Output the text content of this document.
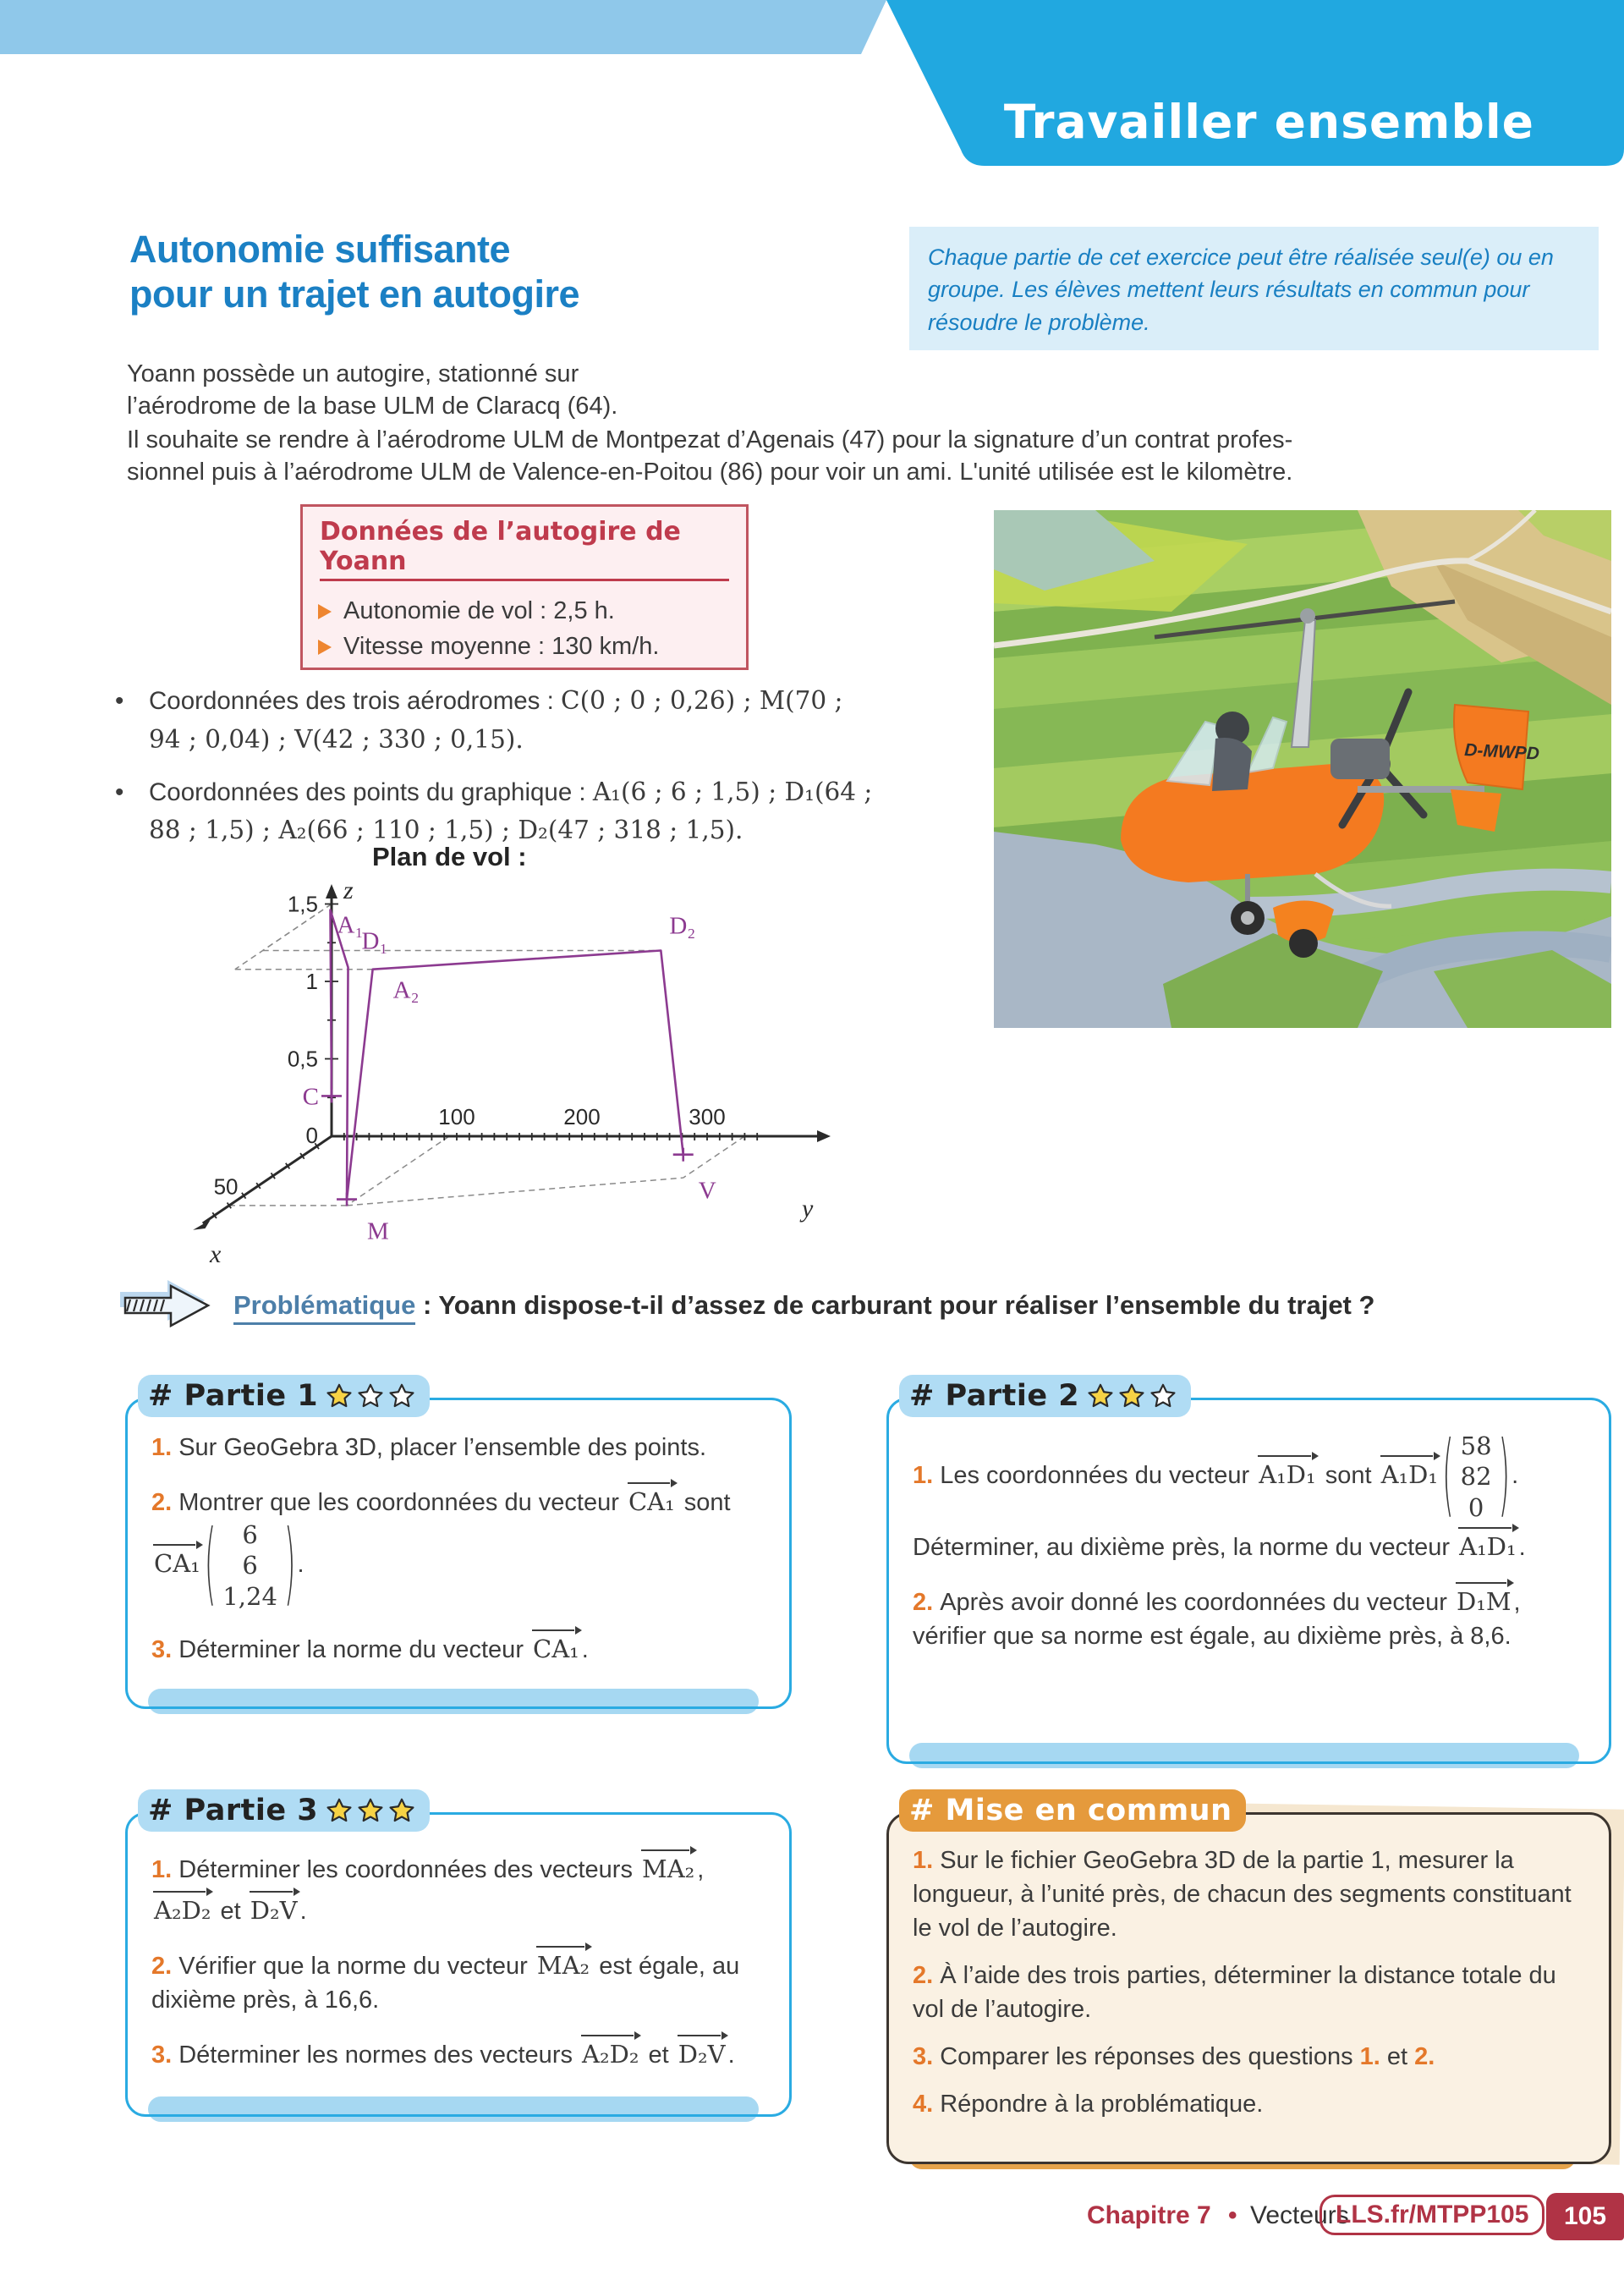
Travailler ensemble
Autonomie suffisante
pour un trajet en autogire

Chaque partie de cet exercice peut être réalisée seul(e) ou en groupe. Les élèves mettent leurs résultats en commun pour résoudre le problème.

Yoann possède un autogire, stationné sur
l’aérodrome de la base ULM de Claracq (64).
Il souhaite se rendre à l’aérodrome ULM de Montpezat d’Agenais (47) pour la signature d’un contrat profes-
sionnel puis à l’aérodrome ULM de Valence-en-Poitou (86) pour voir un ami. L'unité utilisée est le kilomètre.
Données de l’autogire de Yoann
Autonomie de vol : 2,5 h.
Vitesse moyenne : 130 km/h.
• Coordonnées des trois aérodromes : C(0 ; 0 ; 0,26) ; M(70 ; 94 ; 0,04) ; V(42 ; 330 ; 0,15).
• Coordonnées des points du graphique : A₁(6 ; 6 ; 1,5) ; D₁(64 ; 88 ; 1,5) ; A₂(66 ; 110 ; 1,5) ; D₂(47 ; 318 ; 1,5).
D-MWPD
Plan de vol :
100	200	300
0,5
1
1,5
0
50
z
y
x
C
A₁
D₁
M
A₂
D₂
V
Problématique : Yoann dispose-t-il d’assez de carburant pour réaliser l’ensemble du trajet ?
# Partie 1
1. Sur GeoGebra 3D, placer l’ensemble des points.
2. Montrer que les coordonnées du vecteur CA₁ sont CA₁ ( 6
6
1,24 ) .
3. Déterminer la norme du vecteur CA₁ .
# Partie 2
1. Les coordonnées du vecteur A₁D₁ sont A₁D₁ ( 58
82
0 ) . Déterminer, au dixième près, la norme du vecteur A₁D₁ .
2. Après avoir donné les coordonnées du vecteur D₁M , vérifier que sa norme est égale, au dixième près, à 8,6.
# Partie 3
1. Déterminer les coordonnées des vecteurs MA₂ , A₂D₂ et D₂V .
2. Vérifier que la norme du vecteur MA₂ est égale, au dixième près, à 16,6.
3. Déterminer les normes des vecteurs A₂D₂ et D₂V .
# Mise en commun
1. Sur le fichier GeoGebra 3D de la partie 1, mesurer la longueur, à l’unité près, de chacun des segments constituant le vol de l’autogire.
2. À l’aide des trois parties, déterminer la distance totale du vol de l’autogire.
3. Comparer les réponses des questions 1. et 2.
4. Répondre à la problématique.
Chapitre 7 • Vecteurs
LLS.fr/MTPP105	105
